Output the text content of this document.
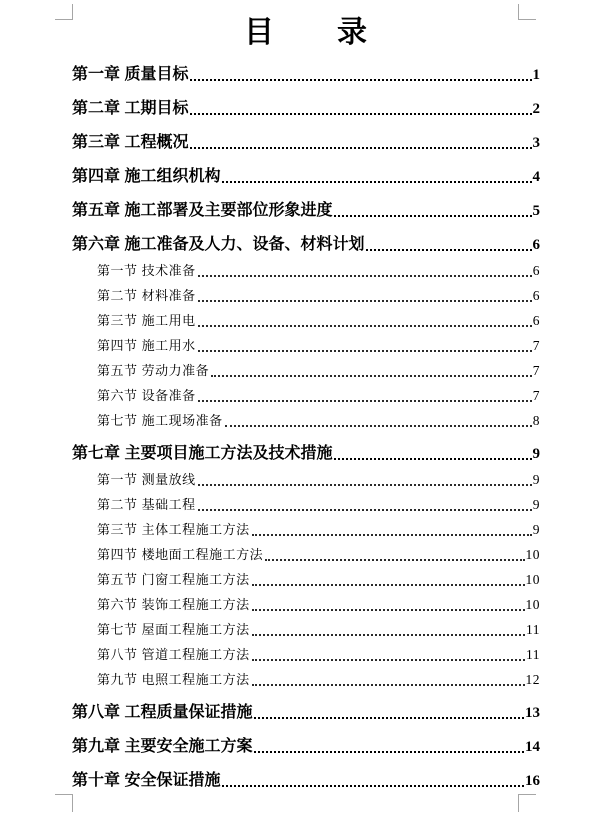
目　　录
第一章 质量目标	1
第二章 工期目标	2
第三章 工程概况	3
第四章 施工组织机构	4
第五章 施工部署及主要部位形象进度	5
第六章 施工准备及人力、设备、材料计划	6
第一节 技术准备	6
第二节 材料准备	6
第三节 施工用电	6
第四节 施工用水	7
第五节 劳动力准备	7
第六节 设备准备	7
第七节 施工现场准备	8
第七章 主要项目施工方法及技术措施	9
第一节 测量放线	9
第二节 基础工程	9
第三节 主体工程施工方法	9
第四节 楼地面工程施工方法	10
第五节 门窗工程施工方法	10
第六节 装饰工程施工方法	10
第七节 屋面工程施工方法	11
第八节 管道工程施工方法	11
第九节 电照工程施工方法	12
第八章 工程质量保证措施	13
第九章 主要安全施工方案	14
第十章 安全保证措施	16
